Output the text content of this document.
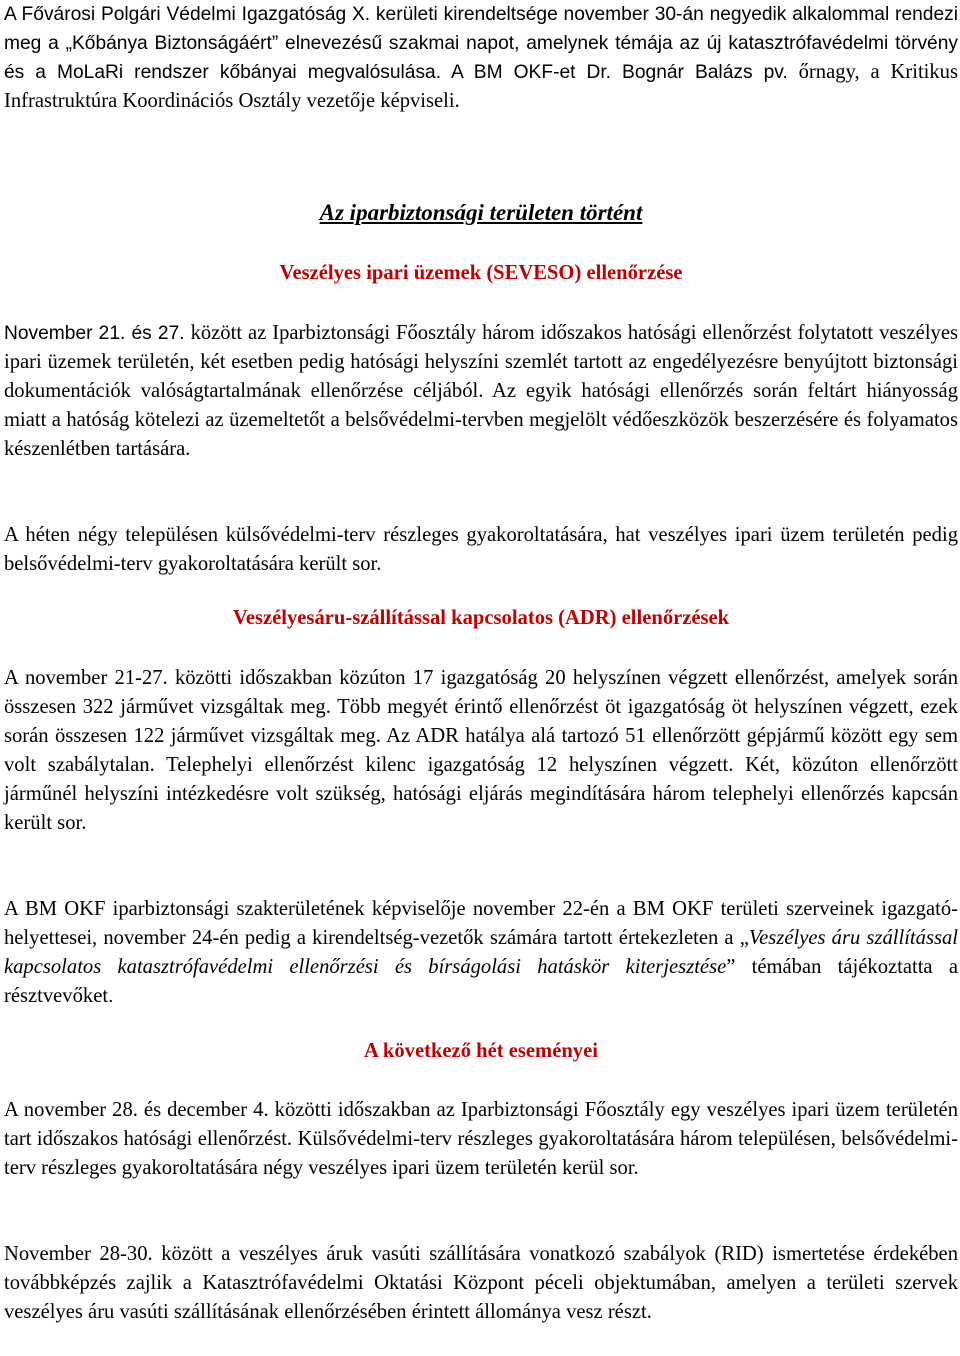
A Fővárosi Polgári Védelmi Igazgatóság X. kerületi kirendeltsége november 30-án negyedik alkalommal rendezi meg a „Kőbánya Biztonságáért” elnevezésű szakmai napot, amelynek témája az új katasztrófavédelmi törvény és a MoLaRi rendszer kőbányai megvalósulása. A BM OKF-et Dr. Bognár Balázs pv. őrnagy, a Kritikus Infrastruktúra Koordinációs Osztály vezetője képviseli.

Az iparbiztonsági területen történt
Veszélyes ipari üzemek (SEVESO) ellenőrzése

November 21. és 27. között az Iparbiztonsági Főosztály három időszakos hatósági ellenőrzést folytatott veszélyes ipari üzemek területén, két esetben pedig hatósági helyszíni szemlét tartott az engedélyezésre benyújtott biztonsági dokumentációk valóságtartalmának ellenőrzése céljából. Az egyik hatósági ellenőrzés során feltárt hiányosság miatt a hatóság kötelezi az üzemeltetőt a belsővédelmi-tervben megjelölt védőeszközök beszerzésére és folyamatos készenlétben tartására.

A héten négy településen külsővédelmi-terv részleges gyakoroltatására, hat veszélyes ipari üzem területén pedig belsővédelmi-terv gyakoroltatására került sor.

Veszélyesáru-szállítással kapcsolatos (ADR) ellenőrzések

A november 21-27. közötti időszakban közúton 17 igazgatóság 20 helyszínen végzett ellenőrzést, amelyek során összesen 322 járművet vizsgáltak meg. Több megyét érintő ellenőrzést öt igazgatóság öt helyszínen végzett, ezek során összesen 122 járművet vizsgáltak meg. Az ADR hatálya alá tartozó 51 ellenőrzött gépjármű között egy sem volt szabálytalan. Telephelyi ellenőrzést kilenc igazgatóság 12 helyszínen végzett. Két, közúton ellenőrzött járműnél helyszíni intézkedésre volt szükség, hatósági eljárás megindítására három telephelyi ellenőrzés kapcsán került sor.

A BM OKF iparbiztonsági szakterületének képviselője november 22-én a BM OKF területi szerveinek igazgató-helyettesei, november 24-én pedig a kirendeltség-vezetők számára tartott értekezleten a „Veszélyes áru szállítással kapcsolatos katasztrófavédelmi ellenőrzési és bírságolási hatáskör kiterjesztése” témában tájékoztatta a résztvevőket.

A következő hét eseményei

A november 28. és december 4. közötti időszakban az Iparbiztonsági Főosztály egy veszélyes ipari üzem területén tart időszakos hatósági ellenőrzést. Külsővédelmi-terv részleges gyakoroltatására három településen, belsővédelmi-terv részleges gyakoroltatására négy veszélyes ipari üzem területén kerül sor.

November 28-30. között a veszélyes áruk vasúti szállítására vonatkozó szabályok (RID) ismertetése érdekében továbbképzés zajlik a Katasztrófavédelmi Oktatási Központ péceli objektumában, amelyen a területi szervek veszélyes áru vasúti szállításának ellenőrzésében érintett állománya vesz részt.
